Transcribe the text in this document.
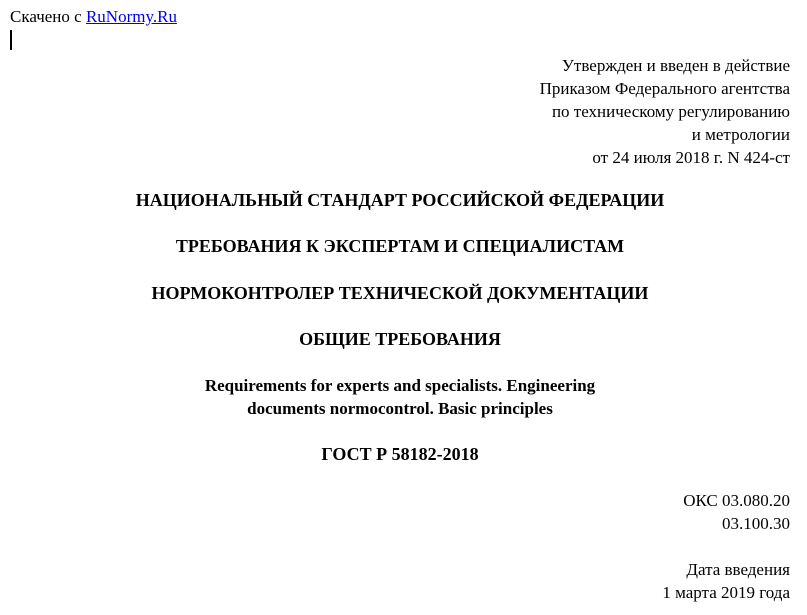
Скачено с RuNormy.Ru
Утвержден и введен в действие
Приказом Федерального агентства
по техническому регулированию
и метрологии
от 24 июля 2018 г. N 424-ст
НАЦИОНАЛЬНЫЙ СТАНДАРТ РОССИЙСКОЙ ФЕДЕРАЦИИ
ТРЕБОВАНИЯ К ЭКСПЕРТАМ И СПЕЦИАЛИСТАМ
НОРМОКОНТРОЛЕР ТЕХНИЧЕСКОЙ ДОКУМЕНТАЦИИ
ОБЩИЕ ТРЕБОВАНИЯ
Requirements for experts and specialists. Engineering
documents normocontrol. Basic principles
ГОСТ Р 58182-2018
ОКС 03.080.20
03.100.30
Дата введения
1 марта 2019 года
